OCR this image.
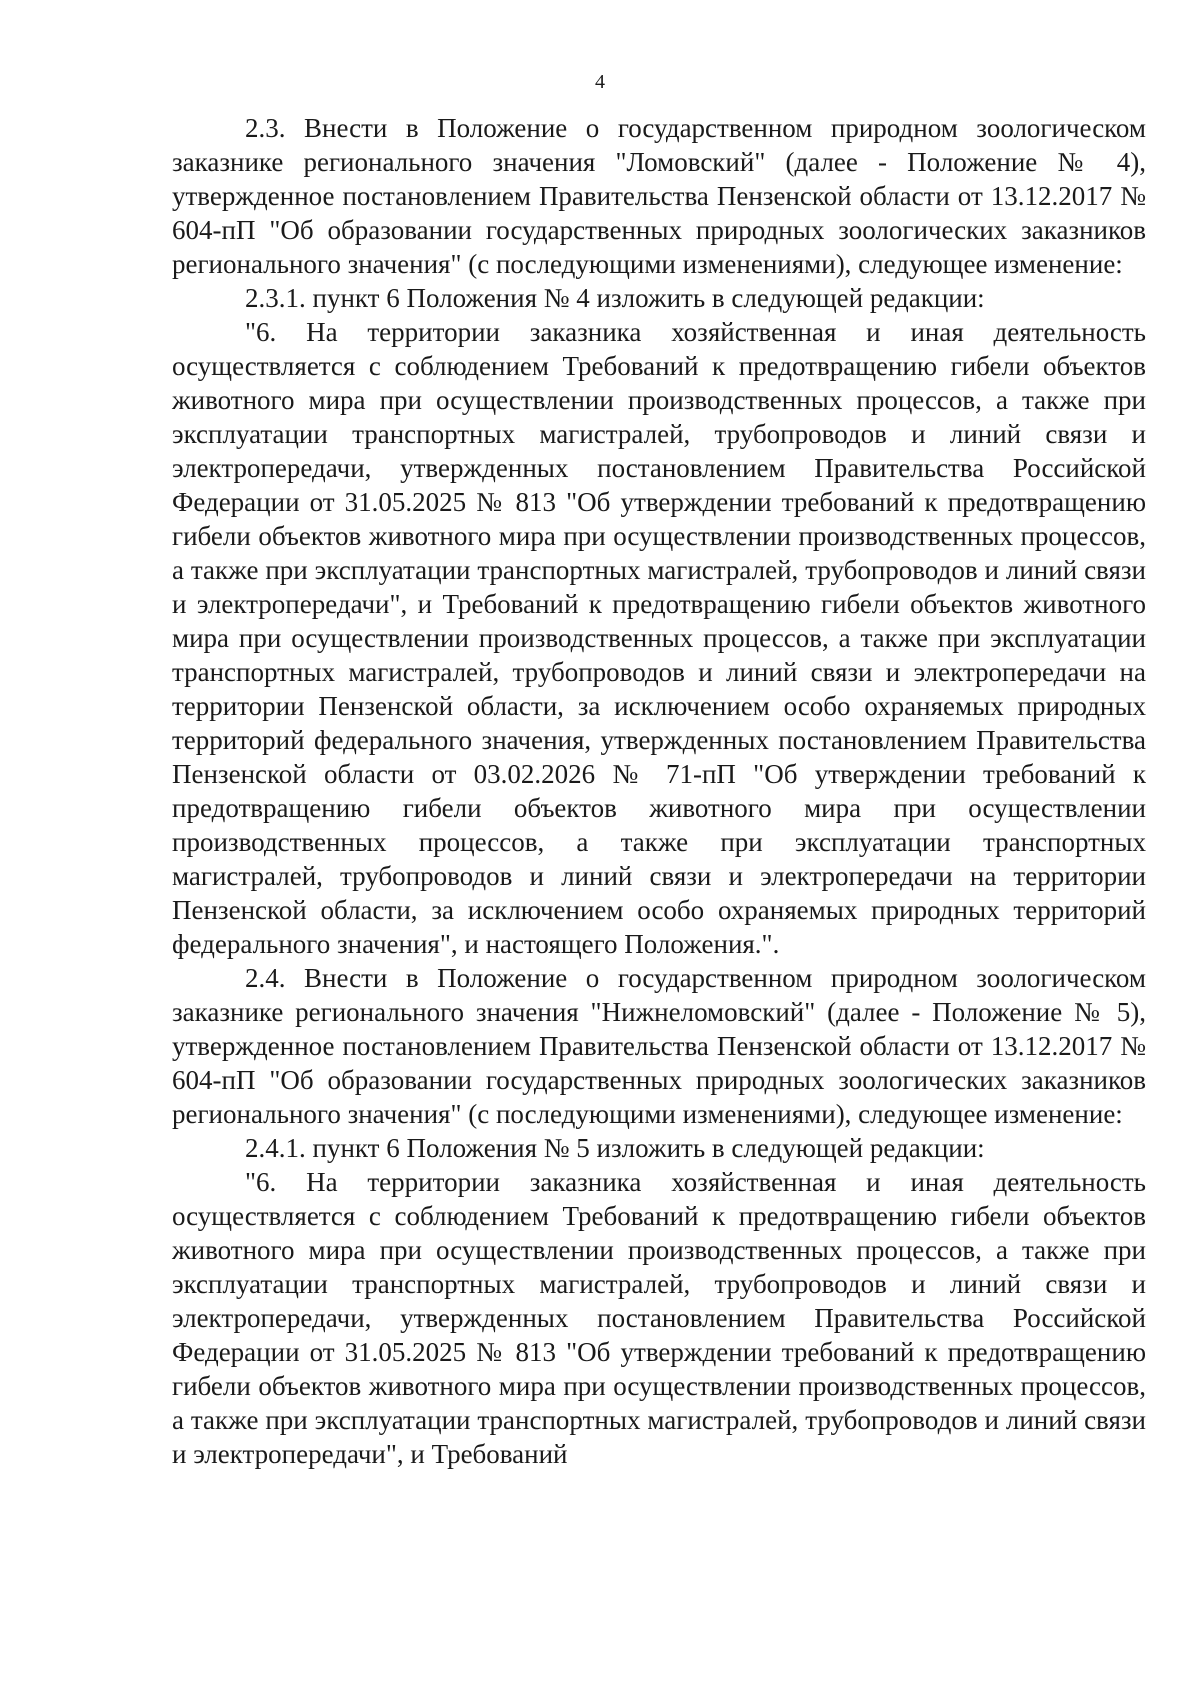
4

2.3. Внести в Положение о государственном природном зоологическом заказнике регионального значения "Ломовский" (далее - Положение № 4), утвержденное постановлением Правительства Пензенской области от 13.12.2017 № 604-пП "Об образовании государственных природных зоологических заказников регионального значения" (с последующими изменениями), следующее изменение:

2.3.1. пункт 6 Положения № 4 изложить в следующей редакции:

"6. На территории заказника хозяйственная и иная деятельность осуществляется с соблюдением Требований к предотвращению гибели объектов животного мира при осуществлении производственных процессов, а также при эксплуатации транспортных магистралей, трубопроводов и линий связи и электропередачи, утвержденных постановлением Правительства Российской Федерации от 31.05.2025 № 813 "Об утверждении требований к предотвращению гибели объектов животного мира при осуществлении производственных процессов, а также при эксплуатации транспортных магистралей, трубопроводов и линий связи и электропередачи", и Требований к предотвращению гибели объектов животного мира при осуществлении производственных процессов, а также при эксплуатации транспортных магистралей, трубопроводов и линий связи и электропередачи на территории Пензенской области, за исключением особо охраняемых природных территорий федерального значения, утвержденных постановлением Правительства Пензенской области от 03.02.2026 № 71-пП "Об утверждении требований к предотвращению гибели объектов животного мира при осуществлении производственных процессов, а также при эксплуатации транспортных магистралей, трубопроводов и линий связи и электропередачи на территории Пензенской области, за исключением особо охраняемых природных территорий федерального значения", и настоящего Положения.".

2.4. Внести в Положение о государственном природном зоологическом заказнике регионального значения "Нижнеломовский" (далее - Положение № 5), утвержденное постановлением Правительства Пензенской области от 13.12.2017 № 604-пП "Об образовании государственных природных зоологических заказников регионального значения" (с последующими изменениями), следующее изменение:

2.4.1. пункт 6 Положения № 5 изложить в следующей редакции:

"6. На территории заказника хозяйственная и иная деятельность осуществляется с соблюдением Требований к предотвращению гибели объектов животного мира при осуществлении производственных процессов, а также при эксплуатации транспортных магистралей, трубопроводов и линий связи и электропередачи, утвержденных постановлением Правительства Российской Федерации от 31.05.2025 № 813 "Об утверждении требований к предотвращению гибели объектов животного мира при осуществлении производственных процессов, а также при эксплуатации транспортных магистралей, трубопроводов и линий связи и электропередачи", и Требований
